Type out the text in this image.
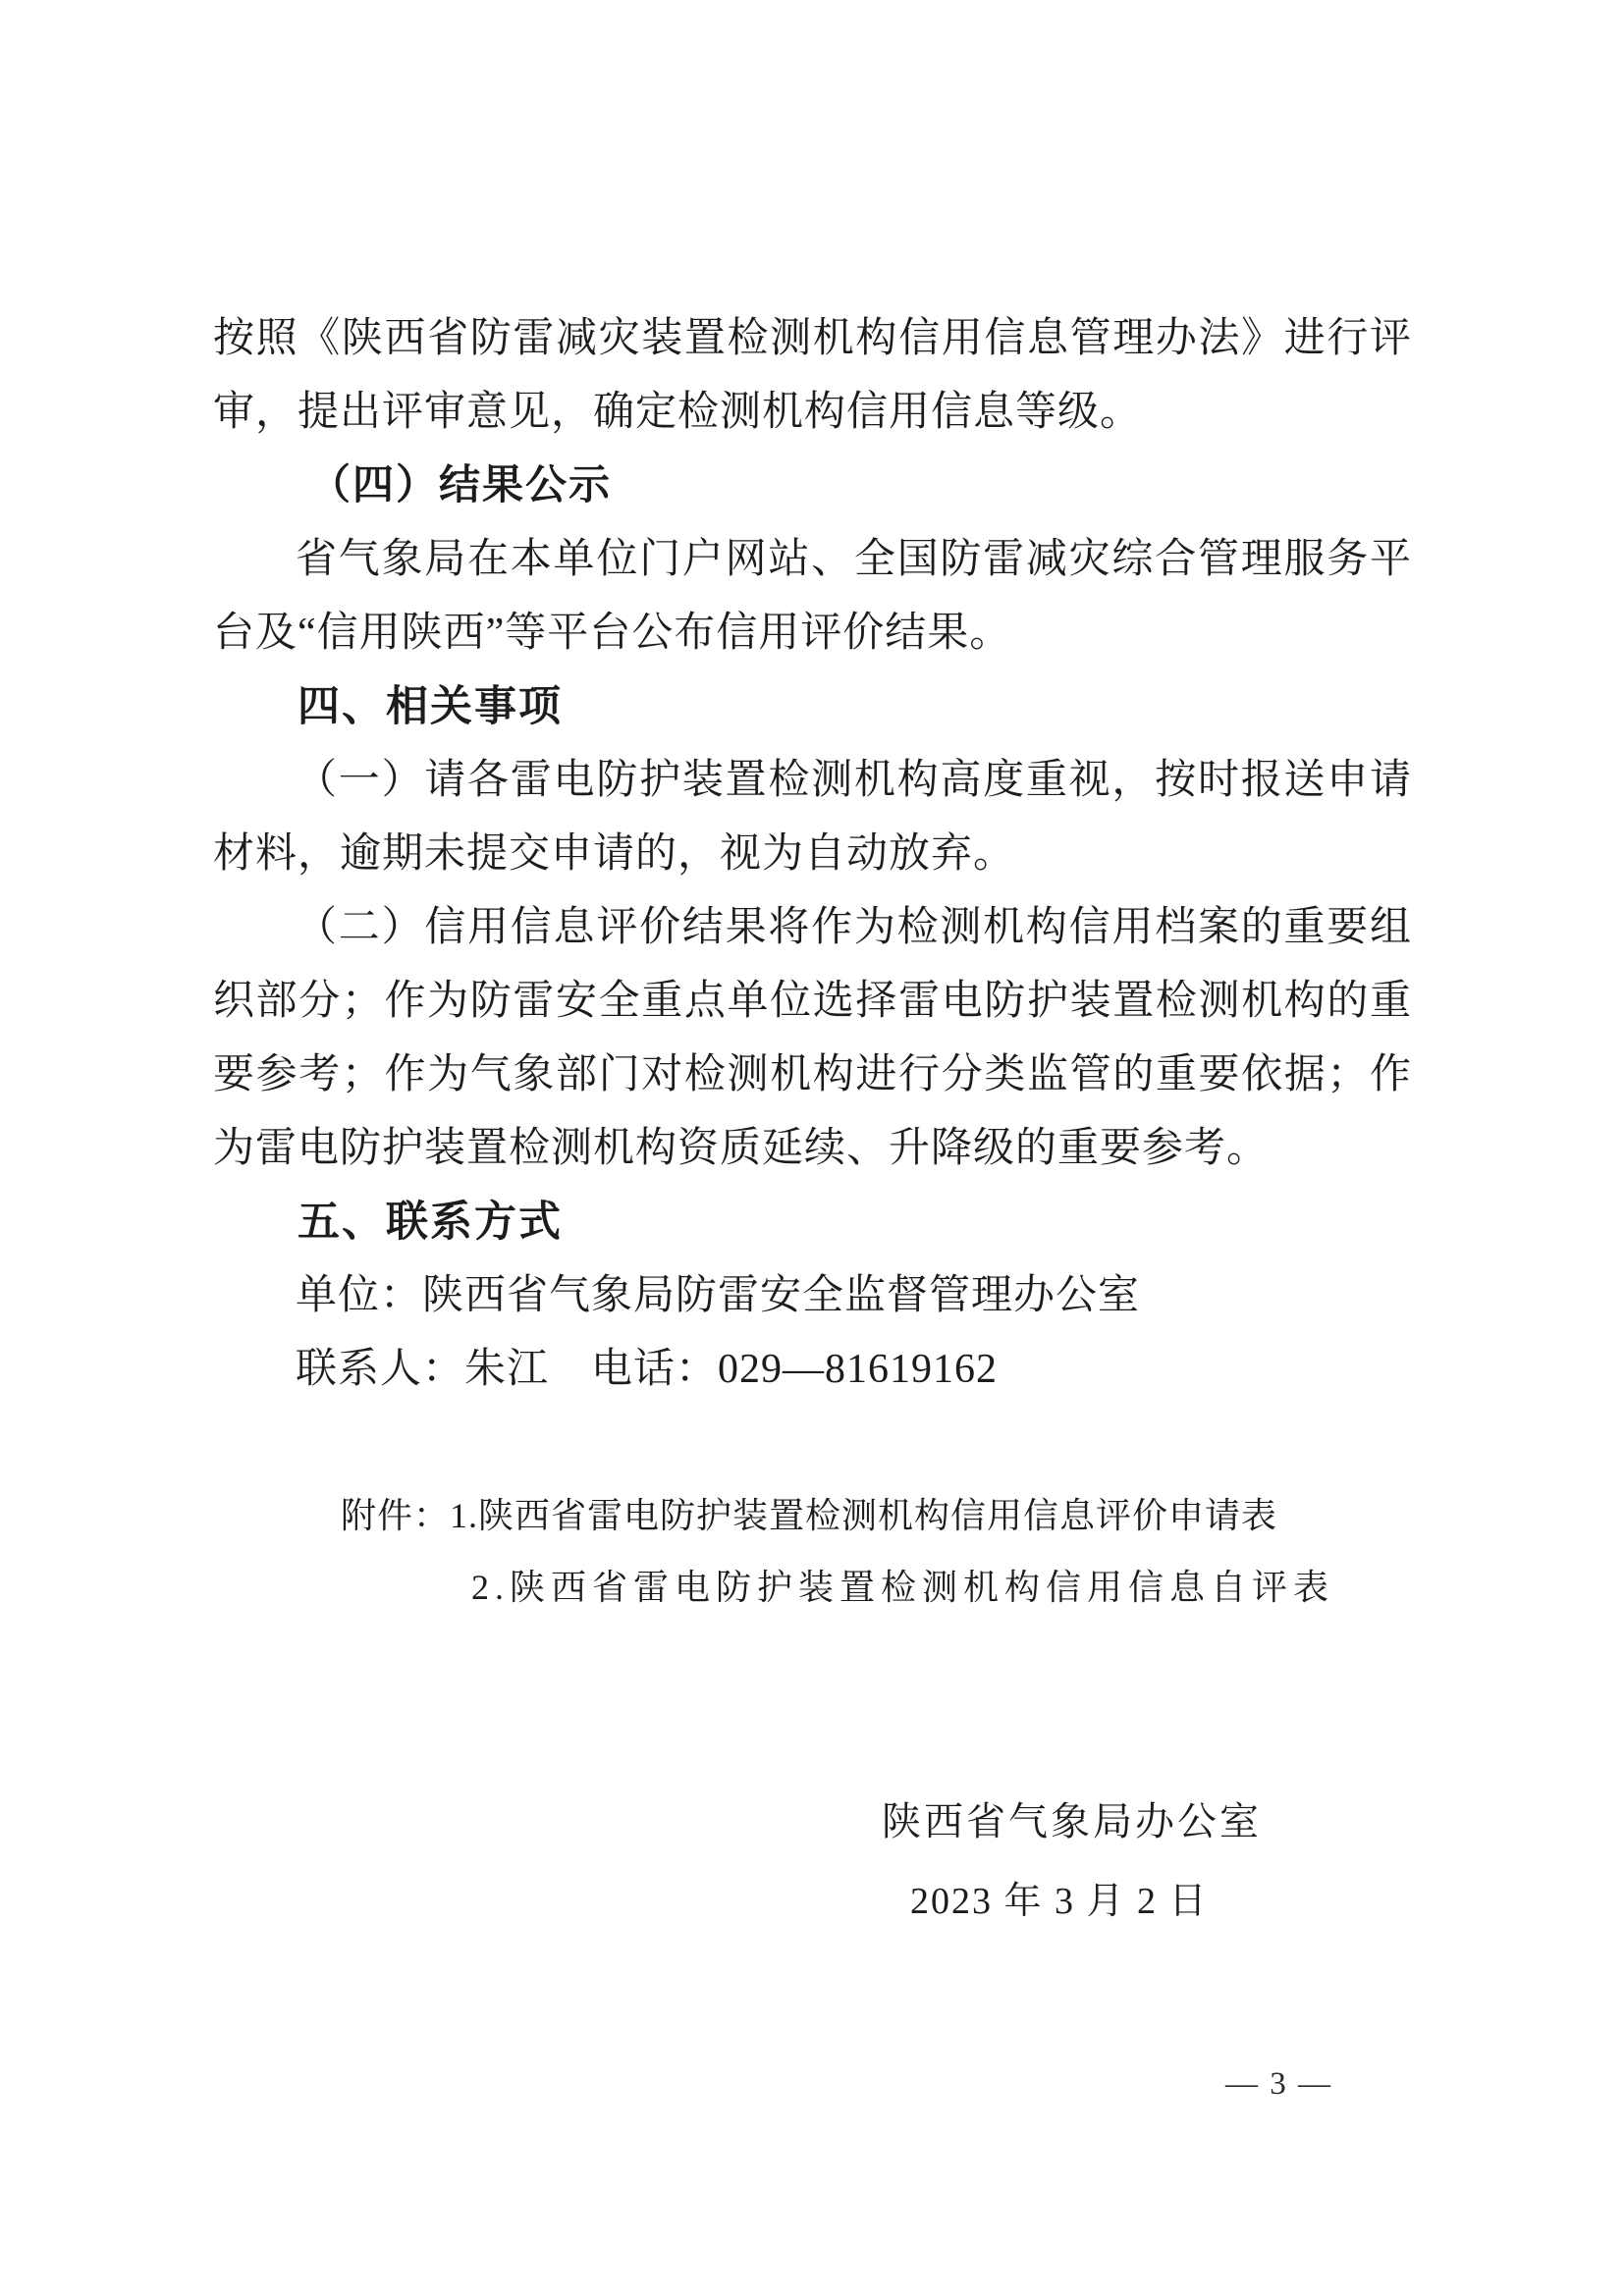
按照《陕西省防雷减灾装置检测机构信用信息管理办法》进行评

审，提出评审意见，确定检测机构信用信息等级。

（四）结果公示

省气象局在本单位门户网站、全国防雷减灾综合管理服务平

台及“信用陕西”等平台公布信用评价结果。

四、相关事项

（一）请各雷电防护装置检测机构高度重视，按时报送申请

材料，逾期未提交申请的，视为自动放弃。

（二）信用信息评价结果将作为检测机构信用档案的重要组

织部分；作为防雷安全重点单位选择雷电防护装置检测机构的重

要参考；作为气象部门对检测机构进行分类监管的重要依据；作

为雷电防护装置检测机构资质延续、升降级的重要参考。

五、联系方式

单位：陕西省气象局防雷安全监督管理办公室

联系人：朱江　电话：029—81619162

附件：1.陕西省雷电防护装置检测机构信用信息评价申请表

2.陕西省雷电防护装置检测机构信用信息自评表

陕西省气象局办公室
2023 年 3 月 2 日
— 3 —
